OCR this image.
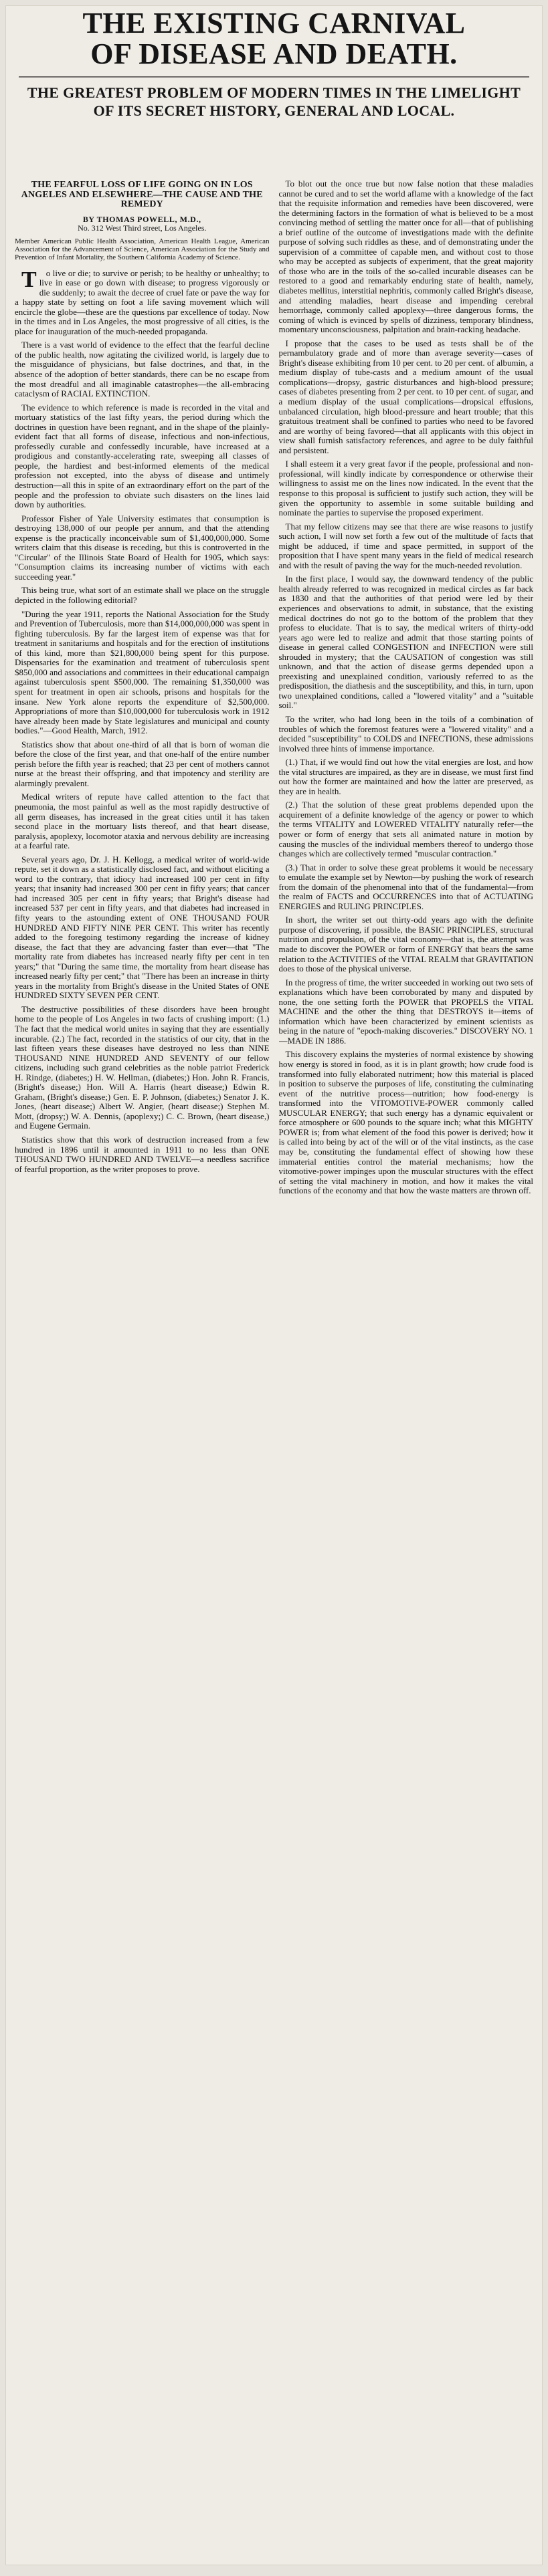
THE EXISTING CARNIVAL
OF DISEASE AND DEATH.
THE GREATEST PROBLEM OF MODERN TIMES IN THE LIMELIGHT OF ITS SECRET HISTORY, GENERAL AND LOCAL.
THE FEARFUL LOSS OF LIFE GOING ON IN LOS ANGELES AND ELSEWHERE—THE CAUSE AND THE REMEDY
BY THOMAS POWELL, M.D.,
No. 312 West Third street, Los Angeles.
Member American Public Health Association, American Health League, American Association for the Advancement of Science, American Association for the Study and Prevention of Infant Mortality, the Southern California Academy of Science.

To live or die; to survive or perish; to be healthy or unhealthy; to live in ease or go down with disease; to progress vigorously or die suddenly; to await the decree of cruel fate or pave the way for a happy state by setting on foot a life saving movement which will encircle the globe—these are the questions par excellence of today. Now in the times and in Los Angeles, the most progressive of all cities, is the place for inauguration of the much-needed propaganda.

There is a vast world of evidence to the effect that the fearful decline of the public health, now agitating the civilized world, is largely due to the misguidance of physicians, but false doctrines, and that, in the absence of the adoption of better standards, there can be no escape from the most dreadful and all imaginable catastrophes—the all-embracing cataclysm of RACIAL EXTINCTION.

The evidence to which reference is made is recorded in the vital and mortuary statistics of the last fifty years, the period during which the doctrines in question have been regnant, and in the shape of the plainly-evident fact that all forms of disease, infectious and non-infectious, professedly curable and confessedly incurable, have increased at a prodigious and constantly-accelerating rate, sweeping all classes of people, the hardiest and best-informed elements of the medical profession not excepted, into the abyss of disease and untimely destruction—all this in spite of an extraordinary effort on the part of the people and the profession to obviate such disasters on the lines laid down by authorities.

Professor Fisher of Yale University estimates that consumption is destroying 138,000 of our people per annum, and that the attending expense is the practically inconceivable sum of $1,400,000,000. Some writers claim that this disease is receding, but this is controverted in the "Circular" of the Illinois State Board of Health for 1905, which says: "Consumption claims its increasing number of victims with each succeeding year."

This being true, what sort of an estimate shall we place on the struggle depicted in the following editorial?

"During the year 1911, reports the National Association for the Study and Prevention of Tuberculosis, more than $14,000,000,000 was spent in fighting tuberculosis. By far the largest item of expense was that for treatment in sanitariums and hospitals and for the erection of institutions of this kind, more than $21,800,000 being spent for this purpose. Dispensaries for the examination and treatment of tuberculosis spent $850,000 and associations and committees in their educational campaign against tuberculosis spent $500,000. The remaining $1,350,000 was spent for treatment in open air schools, prisons and hospitals for the insane. New York alone reports the expenditure of $2,500,000. Appropriations of more than $10,000,000 for tuberculosis work in 1912 have already been made by State legislatures and municipal and county bodies."—Good Health, March, 1912.

Statistics show that about one-third of all that is born of woman die before the close of the first year, and that one-half of the entire number perish before the fifth year is reached; that 23 per cent of mothers cannot nurse at the breast their offspring, and that impotency and sterility are alarmingly prevalent.

Medical writers of repute have called attention to the fact that pneumonia, the most painful as well as the most rapidly destructive of all germ diseases, has increased in the great cities until it has taken second place in the mortuary lists thereof, and that heart disease, paralysis, apoplexy, locomotor ataxia and nervous debility are increasing at a fearful rate.

Several years ago, Dr. J. H. Kellogg, a medical writer of world-wide repute, set it down as a statistically disclosed fact, and without eliciting a word to the contrary, that idiocy had increased 100 per cent in fifty years; that insanity had increased 300 per cent in fifty years; that cancer had increased 305 per cent in fifty years; that Bright's disease had increased 537 per cent in fifty years, and that diabetes had increased in fifty years to the astounding extent of ONE THOUSAND FOUR HUNDRED AND FIFTY NINE PER CENT. This writer has recently added to the foregoing testimony regarding the increase of kidney disease, the fact that they are advancing faster than ever—that "The mortality rate from diabetes has increased nearly fifty per cent in ten years;" that "During the same time, the mortality from heart disease has increased nearly fifty per cent;" that "There has been an increase in thirty years in the mortality from Bright's disease in the United States of ONE HUNDRED SIXTY SEVEN PER CENT.

The destructive possibilities of these disorders have been brought home to the people of Los Angeles in two facts of crushing import: (1.) The fact that the medical world unites in saying that they are essentially incurable. (2.) The fact, recorded in the statistics of our city, that in the last fifteen years these diseases have destroyed no less than NINE THOUSAND NINE HUNDRED AND SEVENTY of our fellow citizens, including such grand celebrities as the noble patriot Frederick H. Rindge, (diabetes;) H. W. Hellman, (diabetes;) Hon. John R. Francis, (Bright's disease;) Hon. Will A. Harris (heart disease;) Edwin R. Graham, (Bright's disease;) Gen. E. P. Johnson, (diabetes;) Senator J. K. Jones, (heart disease;) Albert W. Angier, (heart disease;) Stephen M. Mott, (dropsy;) W. A. Dennis, (apoplexy;) C. C. Brown, (heart disease,) and Eugene Germain.

Statistics show that this work of destruction increased from a few hundred in 1896 until it amounted in 1911 to no less than ONE THOUSAND TWO HUNDRED AND TWELVE—a needless sacrifice of fearful proportion, as the writer proposes to prove.

To blot out the once true but now false notion that these maladies cannot be cured and to set the world aflame with a knowledge of the fact that the requisite information and remedies have been discovered, were the determining factors in the formation of what is believed to be a most convincing method of settling the matter once for all—that of publishing a brief outline of the outcome of investigations made with the definite purpose of solving such riddles as these, and of demonstrating under the supervision of a committee of capable men, and without cost to those who may be accepted as subjects of experiment, that the great majority of those who are in the toils of the so-called incurable diseases can be restored to a good and remarkably enduring state of health, namely, diabetes mellitus, interstitial nephritis, commonly called Bright's disease, and attending maladies, heart disease and impending cerebral hemorrhage, commonly called apoplexy—three dangerous forms, the coming of which is evinced by spells of dizziness, temporary blindness, momentary unconsciousness, palpitation and brain-racking headache.

I propose that the cases to be used as tests shall be of the pernambulatory grade and of more than average severity—cases of Bright's disease exhibiting from 10 per cent. to 20 per cent. of albumin, a medium display of tube-casts and a medium amount of the usual complications—dropsy, gastric disturbances and high-blood pressure; cases of diabetes presenting from 2 per cent. to 10 per cent. of sugar, and a medium display of the usual complications—dropsical effusions, unbalanced circulation, high blood-pressure and heart trouble; that this gratuitous treatment shall be confined to parties who need to be favored and are worthy of being favored—that all applicants with this object in view shall furnish satisfactory references, and agree to be duly faithful and persistent.

I shall esteem it a very great favor if the people, professional and non-professional, will kindly indicate by correspondence or otherwise their willingness to assist me on the lines now indicated. In the event that the response to this proposal is sufficient to justify such action, they will be given the opportunity to assemble in some suitable building and nominate the parties to supervise the proposed experiment.

That my fellow citizens may see that there are wise reasons to justify such action, I will now set forth a few out of the multitude of facts that might be adduced, if time and space permitted, in support of the proposition that I have spent many years in the field of medical research and with the result of paving the way for the much-needed revolution.

In the first place, I would say, the downward tendency of the public health already referred to was recognized in medical circles as far back as 1830 and that the authorities of that period were led by their experiences and observations to admit, in substance, that the existing medical doctrines do not go to the bottom of the problem that they profess to elucidate. That is to say, the medical writers of thirty-odd years ago were led to realize and admit that those starting points of disease in general called CONGESTION and INFECTION were still shrouded in mystery; that the CAUSATION of congestion was still unknown, and that the action of disease germs depended upon a preexisting and unexplained condition, variously referred to as the predisposition, the diathesis and the susceptibility, and this, in turn, upon two unexplained conditions, called a "lowered vitality" and a "suitable soil."

To the writer, who had long been in the toils of a combination of troubles of which the foremost features were a "lowered vitality" and a decided "susceptibility" to COLDS and INFECTIONS, these admissions involved three hints of immense importance.

(1.) That, if we would find out how the vital energies are lost, and how the vital structures are impaired, as they are in disease, we must first find out how the former are maintained and how the latter are preserved, as they are in health.

(2.) That the solution of these great problems depended upon the acquirement of a definite knowledge of the agency or power to which the terms VITALITY and LOWERED VITALITY naturally refer—the power or form of energy that sets all animated nature in motion by causing the muscles of the individual members thereof to undergo those changes which are collectively termed "muscular contraction."

(3.) That in order to solve these great problems it would be necessary to emulate the example set by Newton—by pushing the work of research from the domain of the phenomenal into that of the fundamental—from the realm of FACTS and OCCURRENCES into that of ACTUATING ENERGIES and RULING PRINCIPLES.

In short, the writer set out thirty-odd years ago with the definite purpose of discovering, if possible, the BASIC PRINCIPLES, structural nutrition and propulsion, of the vital economy—that is, the attempt was made to discover the POWER or form of ENERGY that bears the same relation to the ACTIVITIES of the VITAL REALM that GRAVITATION does to those of the physical universe.

In the progress of time, the writer succeeded in working out two sets of explanations which have been corroborated by many and disputed by none, the one setting forth the POWER that PROPELS the VITAL MACHINE and the other the thing that DESTROYS it—items of information which have been characterized by eminent scientists as being in the nature of "epoch-making discoveries." DISCOVERY NO. 1—MADE IN 1886.

This discovery explains the mysteries of normal existence by showing how energy is stored in food, as it is in plant growth; how crude food is transformed into fully elaborated nutriment; how this material is placed in position to subserve the purposes of life, constituting the culminating event of the nutritive process—nutrition; how food-energy is transformed into the VITOMOTIVE-POWER commonly called MUSCULAR ENERGY; that such energy has a dynamic equivalent or force atmosphere or 600 pounds to the square inch; what this MIGHTY POWER is; from what element of the food this power is derived; how it is called into being by act of the will or of the vital instincts, as the case may be, constituting the fundamental effect of showing how these immaterial entities control the material mechanisms; how the vitomotive-power impinges upon the muscular structures with the effect of setting the vital machinery in motion, and how it makes the vital functions of the economy and that how the waste matters are thrown off.
